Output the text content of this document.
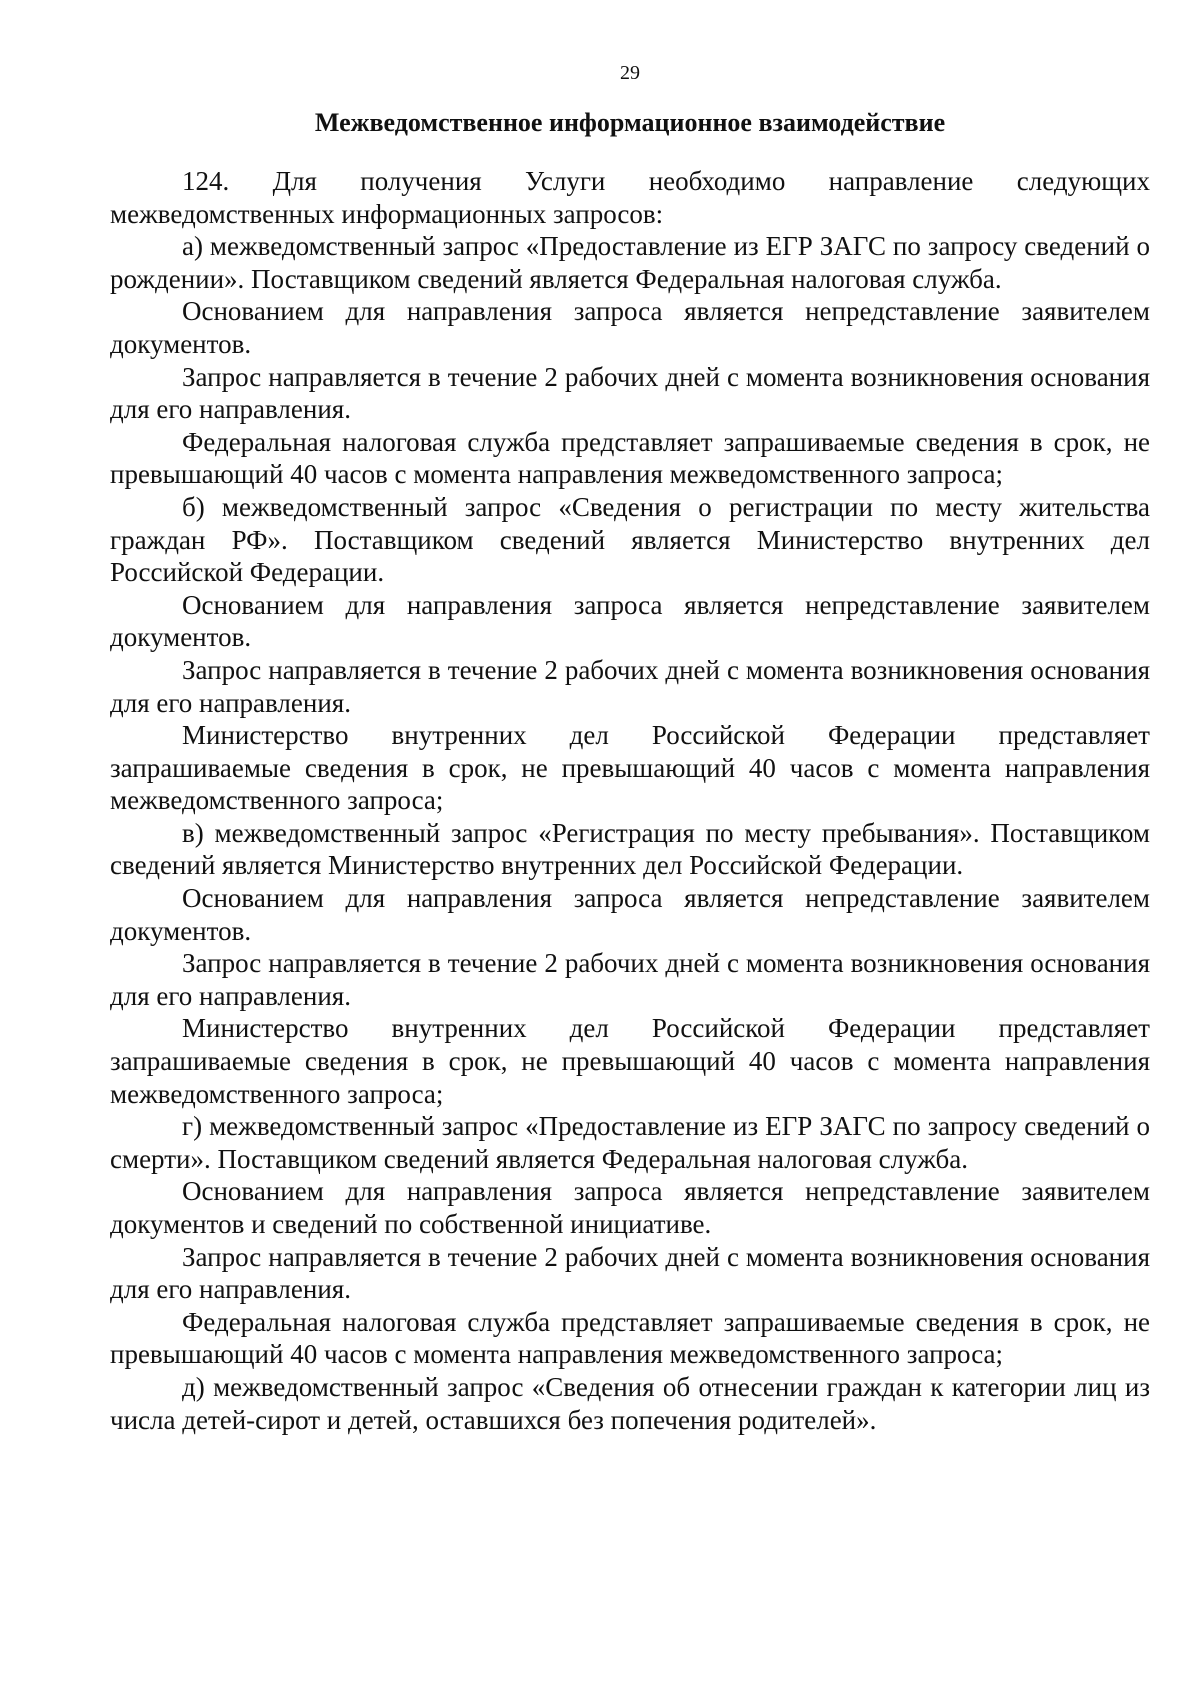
29
Межведомственное информационное взаимодействие

124. Для получения Услуги необходимо направление следующих межведомственных информационных запросов:

а) межведомственный запрос «Предоставление из ЕГР ЗАГС по запросу сведений о рождении». Поставщиком сведений является Федеральная налоговая служба.

Основанием для направления запроса является непредставление заявителем документов.

Запрос направляется в течение 2 рабочих дней с момента возникновения основания для его направления.

Федеральная налоговая служба представляет запрашиваемые сведения в срок, не превышающий 40 часов с момента направления межведомственного запроса;

б) межведомственный запрос «Сведения о регистрации по месту жительства граждан РФ». Поставщиком сведений является Министерство внутренних дел Российской Федерации.

Основанием для направления запроса является непредставление заявителем документов.

Запрос направляется в течение 2 рабочих дней с момента возникновения основания для его направления.

Министерство внутренних дел Российской Федерации представляет запрашиваемые сведения в срок, не превышающий 40 часов с момента направления межведомственного запроса;

в) межведомственный запрос «Регистрация по месту пребывания». Поставщиком сведений является Министерство внутренних дел Российской Федерации.

Основанием для направления запроса является непредставление заявителем документов.

Запрос направляется в течение 2 рабочих дней с момента возникновения основания для его направления.

Министерство внутренних дел Российской Федерации представляет запрашиваемые сведения в срок, не превышающий 40 часов с момента направления межведомственного запроса;

г) межведомственный запрос «Предоставление из ЕГР ЗАГС по запросу сведений о смерти». Поставщиком сведений является Федеральная налоговая служба.

Основанием для направления запроса является непредставление заявителем документов и сведений по собственной инициативе.

Запрос направляется в течение 2 рабочих дней с момента возникновения основания для его направления.

Федеральная налоговая служба представляет запрашиваемые сведения в срок, не превышающий 40 часов с момента направления межведомственного запроса;

д) межведомственный запрос «Сведения об отнесении граждан к категории лиц из числа детей-сирот и детей, оставшихся без попечения родителей».
